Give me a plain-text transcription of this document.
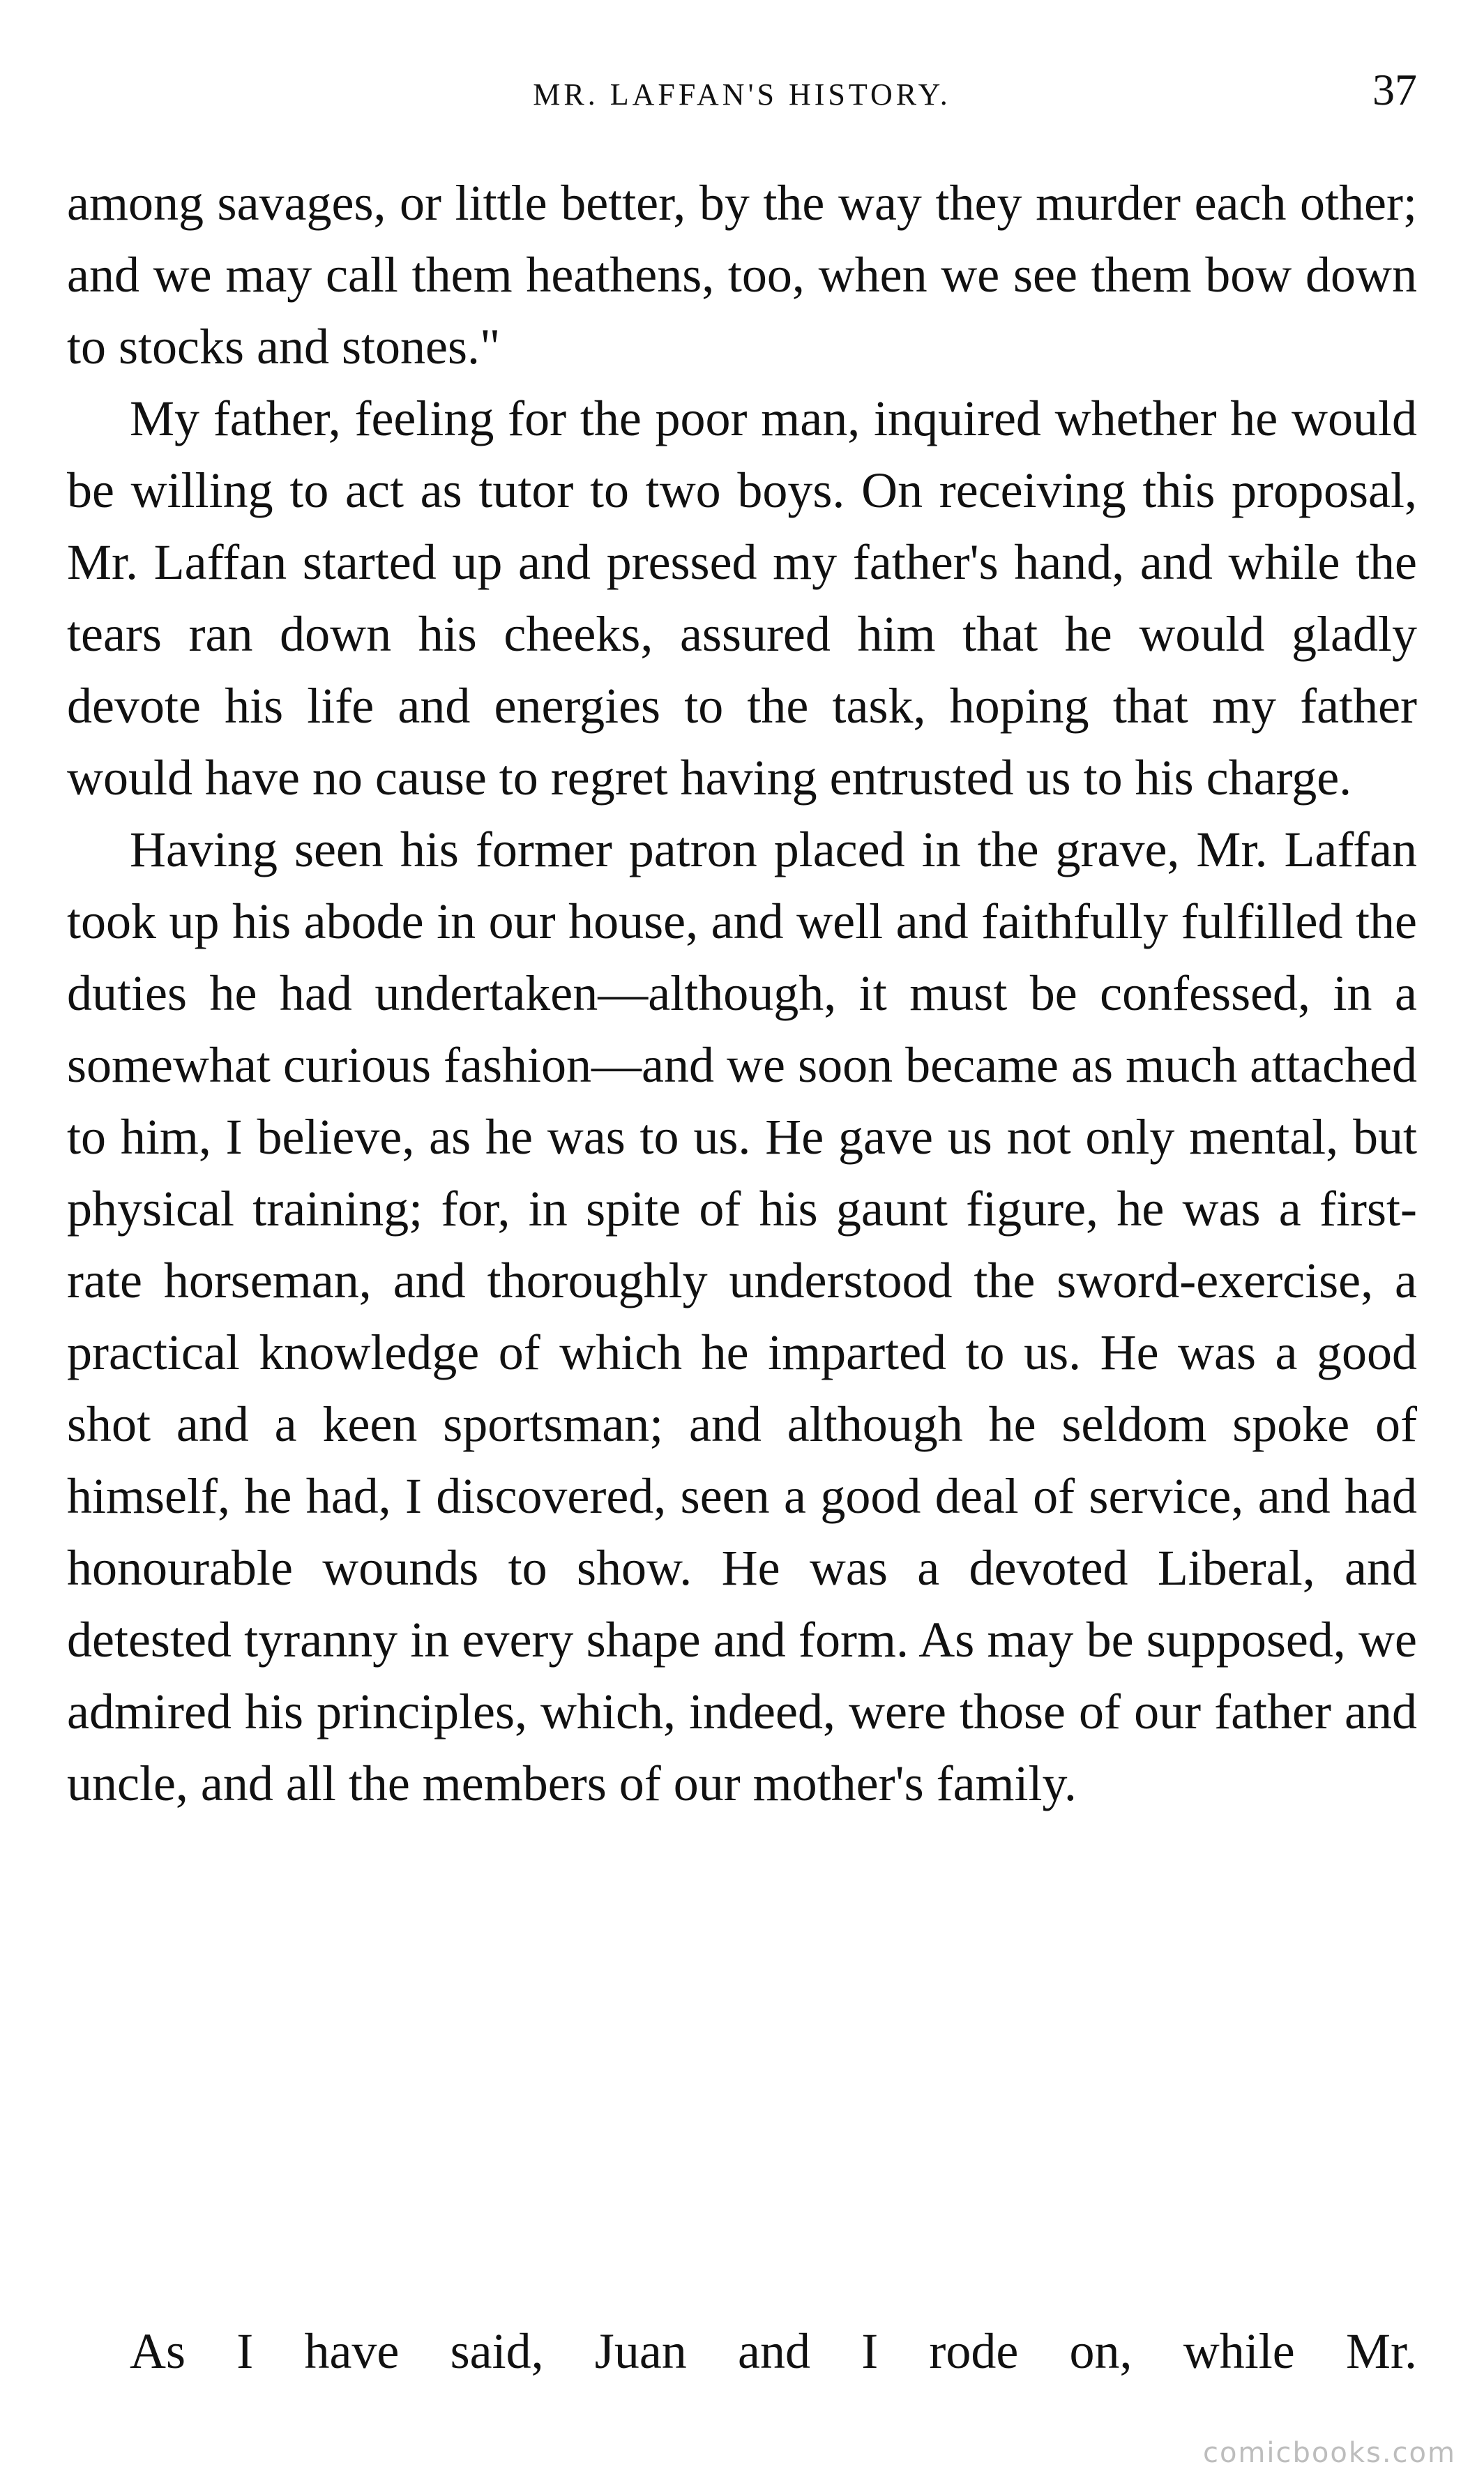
MR. LAFFAN'S HISTORY.	37

among savages, or little better, by the way they murder each other; and we may call them heathens, too, when we see them bow down to stocks and stones."

My father, feeling for the poor man, inquired whether he would be willing to act as tutor to two boys. On receiving this proposal, Mr. Laffan started up and pressed my father's hand, and while the tears ran down his cheeks, assured him that he would gladly devote his life and energies to the task, hoping that my father would have no cause to regret having entrusted us to his charge.

Having seen his former patron placed in the grave, Mr. Laffan took up his abode in our house, and well and faithfully fulfilled the duties he had undertaken—although, it must be confessed, in a somewhat curious fashion—and we soon became as much attached to him, I believe, as he was to us. He gave us not only mental, but physical training; for, in spite of his gaunt figure, he was a first-rate horseman, and thoroughly understood the sword-exercise, a practical knowledge of which he imparted to us. He was a good shot and a keen sportsman; and although he seldom spoke of himself, he had, I discovered, seen a good deal of service, and had honourable wounds to show. He was a devoted Liberal, and detested tyranny in every shape and form. As may be supposed, we admired his principles, which, indeed, were those of our father and uncle, and all the members of our mother's family.

As I have said, Juan and I rode on, while Mr.
comicbooks.com
